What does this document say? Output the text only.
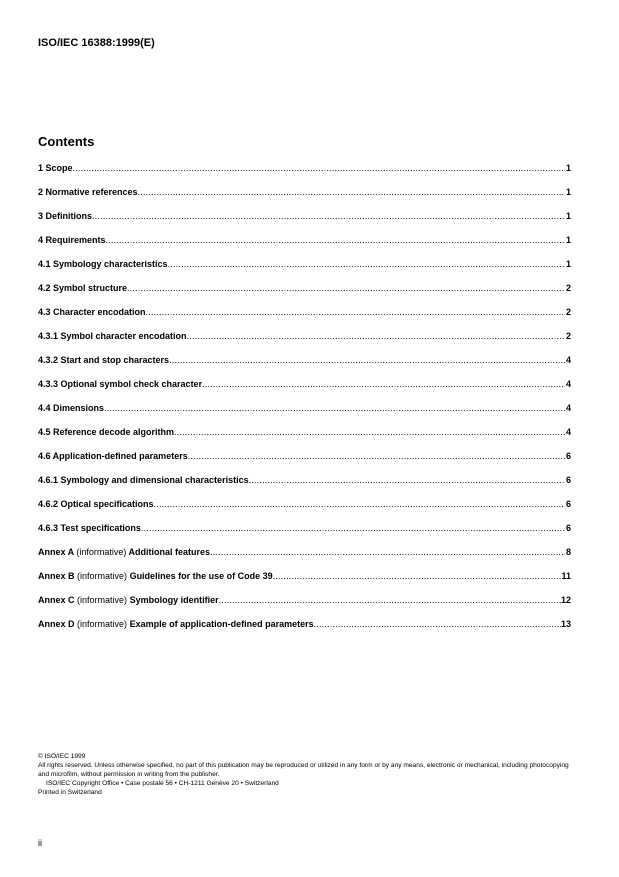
ISO/IEC 16388:1999(E)
Contents
1 Scope .....	1
2 Normative references .....	1
3 Definitions .....	1
4 Requirements .....	1
4.1 Symbology characteristics .....	1
4.2 Symbol structure .....	2
4.3 Character encodation .....	2
4.3.1 Symbol character encodation .....	2
4.3.2 Start and stop characters .....	4
4.3.3 Optional symbol check character .....	4
4.4 Dimensions .....	4
4.5 Reference decode algorithm .....	4
4.6 Application-defined parameters .....	6
4.6.1 Symbology and dimensional characteristics .....	6
4.6.2 Optical specifications .....	6
4.6.3 Test specifications .....	6
Annex A (informative) Additional features .....	8
Annex B (informative) Guidelines for the use of Code 39 .....	11
Annex C (informative) Symbology identifier .....	12
Annex D (informative) Example of application-defined parameters .....	13

© ISO/IEC 1999

All rights reserved. Unless otherwise specified, no part of this publication may be reproduced or utilized in any form or by any means, electronic or mechanical, including photocopying and microfilm, without permission in writing from the publisher.

ISO/IEC Copyright Office • Case postale 56 • CH-1211 Genève 20 • Switzerland

Printed in Switzerland

ii
